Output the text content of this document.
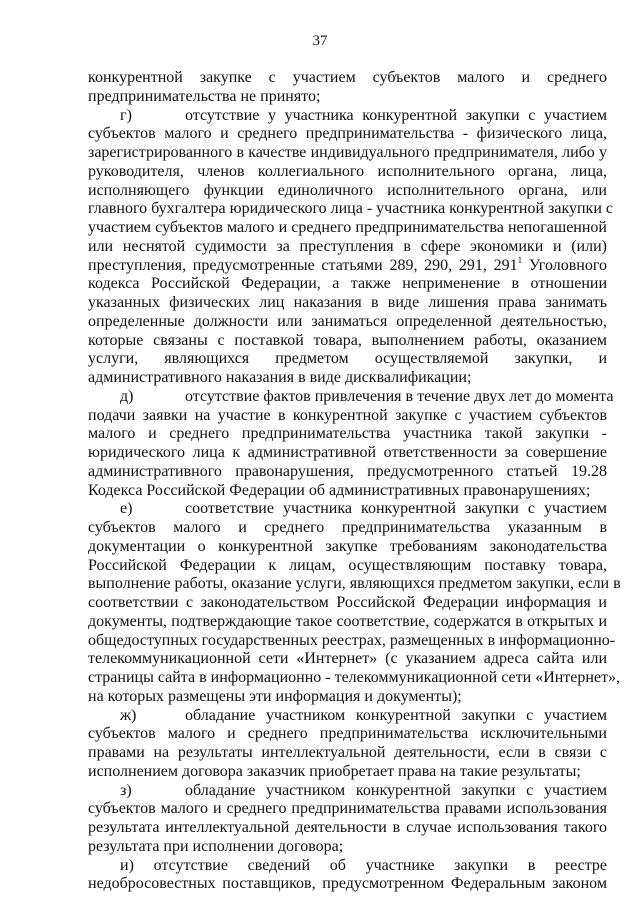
37
конкурентной закупке с участием субъектов малого и среднего
предпринимательства не принято;
г)	отсутствие у участника конкурентной закупки с участием
субъектов малого и среднего предпринимательства - физического лица,
зарегистрированного в качестве индивидуального предпринимателя, либо у
руководителя, членов коллегиального исполнительного органа, лица,
исполняющего функции единоличного исполнительного органа, или
главного бухгалтера юридического лица - участника конкурентной закупки с
участием субъектов малого и среднего предпринимательства непогашенной
или неснятой судимости за преступления в сфере экономики и (или)
преступления, предусмотренные статьями 289, 290, 291, $291^1$ Уголовного
кодекса Российской Федерации, а также неприменение в отношении
указанных физических лиц наказания в виде лишения права занимать
определенные должности или заниматься определенной деятельностью,
которые связаны с поставкой товара, выполнением работы, оказанием
услуги, являющихся предметом осуществляемой закупки, и
административного наказания в виде дисквалификации;
д)	отсутствие фактов привлечения в течение двух лет до момента
подачи заявки на участие в конкурентной закупке с участием субъектов
малого и среднего предпринимательства участника такой закупки -
юридического лица к административной ответственности за совершение
административного правонарушения, предусмотренного статьей 19.28
Кодекса Российской Федерации об административных правонарушениях;
е)	соответствие участника конкурентной закупки с участием
субъектов малого и среднего предпринимательства указанным в
документации о конкурентной закупке требованиям законодательства
Российской Федерации к лицам, осуществляющим поставку товара,
выполнение работы, оказание услуги, являющихся предметом закупки, если в
соответствии с законодательством Российской Федерации информация и
документы, подтверждающие такое соответствие, содержатся в открытых и
общедоступных государственных реестрах, размещенных в информационно-
телекоммуникационной сети «Интернет» (с указанием адреса сайта или
страницы сайта в информационно - телекоммуникационной сети «Интернет»,
на которых размещены эти информация и документы);
ж)	обладание участником конкурентной закупки с участием
субъектов малого и среднего предпринимательства исключительными
правами на результаты интеллектуальной деятельности, если в связи с
исполнением договора заказчик приобретает права на такие результаты;
з)	обладание участником конкурентной закупки с участием
субъектов малого и среднего предпринимательства правами использования
результата интеллектуальной деятельности в случае использования такого
результата при исполнении договора;
и) отсутствие сведений об участнике закупки в реестре
недобросовестных поставщиков, предусмотренном Федеральным законом
